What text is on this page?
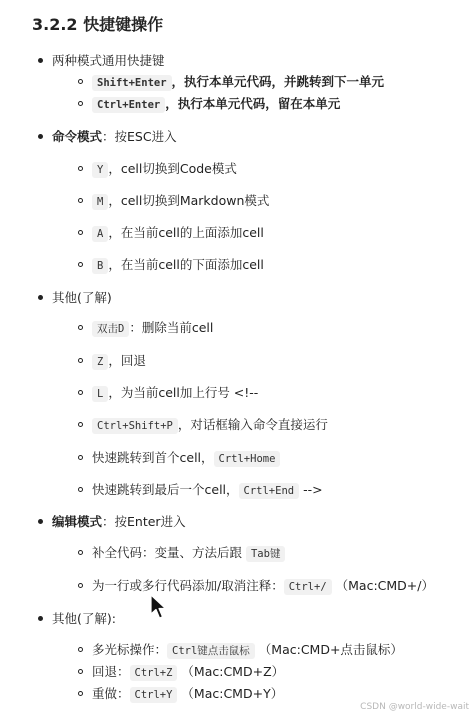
3.2.2 快捷键操作
两种模式通用快捷键
Shift+Enter ，执行本单元代码，并跳转到下一单元
Ctrl+Enter ，执行本单元代码，留在本单元
命令模式：按ESC进入
Y ，cell切换到Code模式
M ，cell切换到Markdown模式
A ，在当前cell的上面添加cell
B ，在当前cell的下面添加cell
其他(了解)
双击D ：删除当前cell
Z ，回退
L ，为当前cell加上行号 <!--
Ctrl+Shift+P ，对话框输入命令直接运行
快速跳转到首个cell， Crtl+Home
快速跳转到最后一个cell， Crtl+End -->
编辑模式：按Enter进入
补全代码：变量、方法后跟 Tab键
为一行或多行代码添加/取消注释： Ctrl+/ （Mac:CMD+/）
其他(了解):
多光标操作： Ctrl键点击鼠标 （Mac:CMD+点击鼠标）
回退： Ctrl+Z （Mac:CMD+Z）
重做： Ctrl+Y （Mac:CMD+Y）
CSDN @world-wide-wait
